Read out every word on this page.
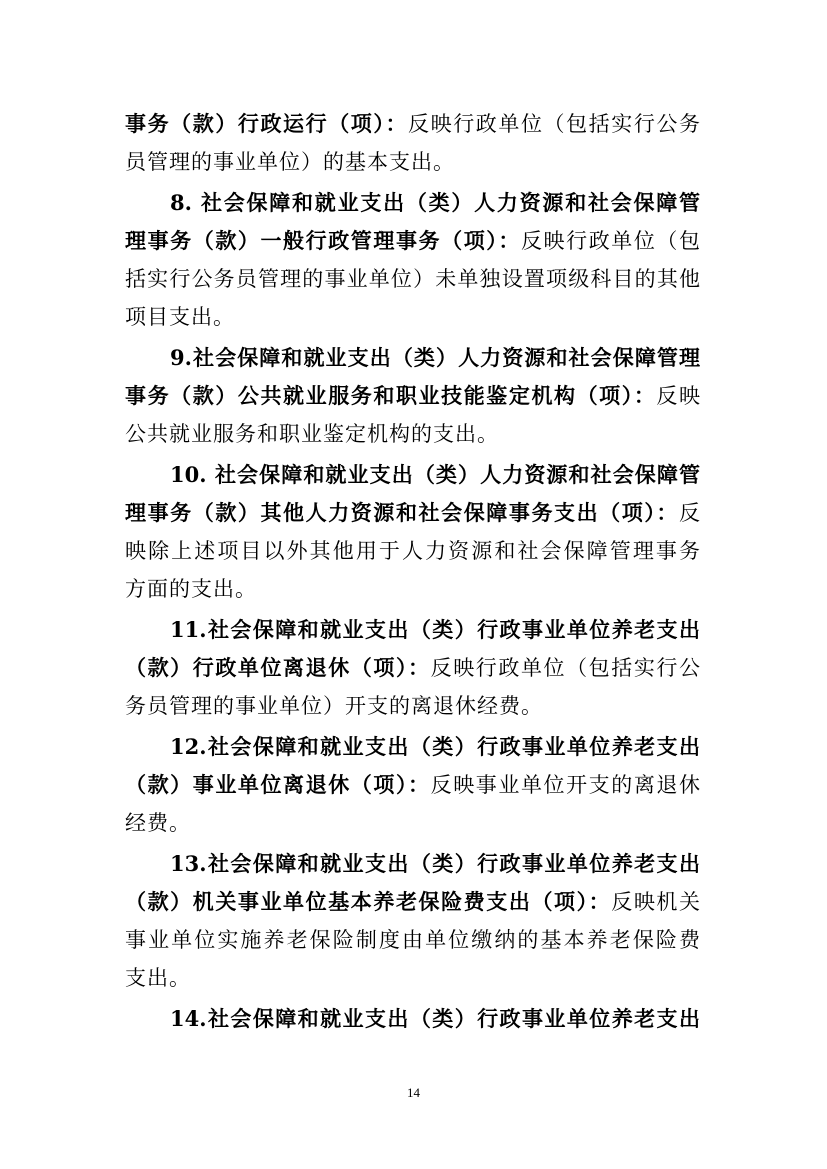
事务（款）行政运行（项）：反映行政单位（包括实行公务
员管理的事业单位）的基本支出。
8. 社会保障和就业支出（类）人力资源和社会保障管
理事务（款）一般行政管理事务（项）：反映行政单位（包
括实行公务员管理的事业单位）未单独设置项级科目的其他
项目支出。
9.社会保障和就业支出（类）人力资源和社会保障管理
事务（款）公共就业服务和职业技能鉴定机构（项）：反映
公共就业服务和职业鉴定机构的支出。
10. 社会保障和就业支出（类）人力资源和社会保障管
理事务（款）其他人力资源和社会保障事务支出（项）：反
映除上述项目以外其他用于人力资源和社会保障管理事务
方面的支出。
11.社会保障和就业支出（类）行政事业单位养老支出
（款）行政单位离退休（项）：反映行政单位（包括实行公
务员管理的事业单位）开支的离退休经费。
12.社会保障和就业支出（类）行政事业单位养老支出
（款）事业单位离退休（项）：反映事业单位开支的离退休
经费。
13.社会保障和就业支出（类）行政事业单位养老支出
（款）机关事业单位基本养老保险费支出（项）：反映机关
事业单位实施养老保险制度由单位缴纳的基本养老保险费
支出。
14.社会保障和就业支出（类）行政事业单位养老支出
14
